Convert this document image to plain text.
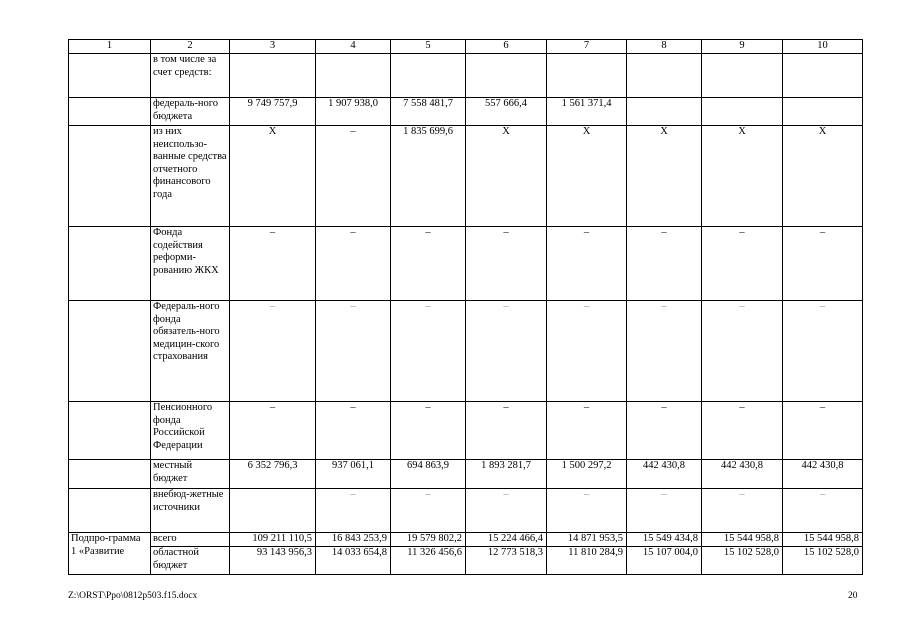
1	2	3	4	5	6	7	8	9	10
	в том числе за счет средств:								
	федераль-ного бюджета	9 749 757,9	1 907 938,0	7 558 481,7	557 666,4	1 561 371,4			
	из них неиспользо-ванные средства отчетного финансового года	X	–	1 835 699,6	X	X	X	X	X
	Фонда содействия реформи-рованию ЖКХ	–	–	–	–	–	–	–	–
	Федераль-ного фонда обязатель-ного медицин-ского страхования	–	–	–	–	–	–	–	–
	Пенсионного фонда Российской Федерации	–	–	–	–	–	–	–	–
	местный бюджет	6 352 796,3	937 061,1	694 863,9	1 893 281,7	1 500 297,2	442 430,8	442 430,8	442 430,8
	внебюд-жетные источники		–	–	–	–	–	–	–
Подпро-грамма 1 «Развитие	всего	109 211 110,5	16 843 253,9	19 579 802,2	15 224 466,4	14 871 953,5	15 549 434,8	15 544 958,8	15 544 958,8
	областной бюджет	93 143 956,3	14 033 654,8	11 326 456,6	12 773 518,3	11 810 284,9	15 107 004,0	15 102 528,0	15 102 528,0
Z:\ORST\Ppo\0812p503.f15.docx	20
